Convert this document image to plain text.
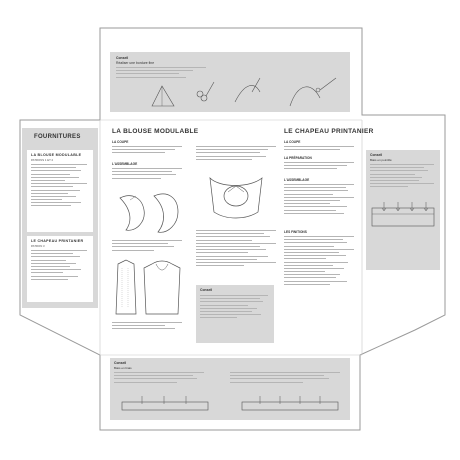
Conseil
Réaliser une bordure fine
FOURNITURES
LA BLOUSE MODULABLE
PATRONS 1 ET 2
LE CHAPEAU PRINTANIER
PATRON 3
LA BLOUSE MODULABLE
LA COUPE
L'ASSEMBLAGE
Conseil
LE CHAPEAU PRINTANIER
LA COUPE
LA PRÉPARATION
L'ASSEMBLAGE
LES FINITIONS
Conseil
Biais en pointillé
Conseil
Biais en biais
